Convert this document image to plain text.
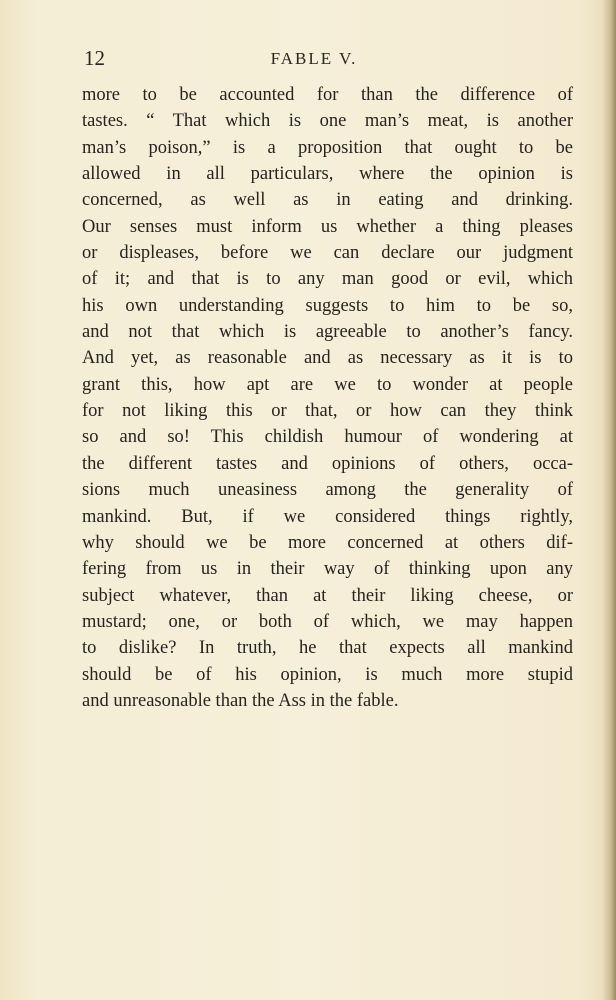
12	FABLE V.
more to be accounted for than the difference of
tastes. “ That which is one man’s meat, is another
man’s poison,” is a proposition that ought to be
allowed in all particulars, where the opinion is
concerned, as well as in eating and drinking.
Our senses must inform us whether a thing pleases
or displeases, before we can declare our judgment
of it; and that is to any man good or evil, which
his own understanding suggests to him to be so,
and not that which is agreeable to another’s fancy.
And yet, as reasonable and as necessary as it is to
grant this, how apt are we to wonder at people
for not liking this or that, or how can they think
so and so! This childish humour of wondering at
the different tastes and opinions of others, occa-
sions much uneasiness among the generality of
mankind. But, if we considered things rightly,
why should we be more concerned at others dif-
fering from us in their way of thinking upon any
subject whatever, than at their liking cheese, or
mustard; one, or both of which, we may happen
to dislike? In truth, he that expects all mankind
should be of his opinion, is much more stupid
and unreasonable than the Ass in the fable.
